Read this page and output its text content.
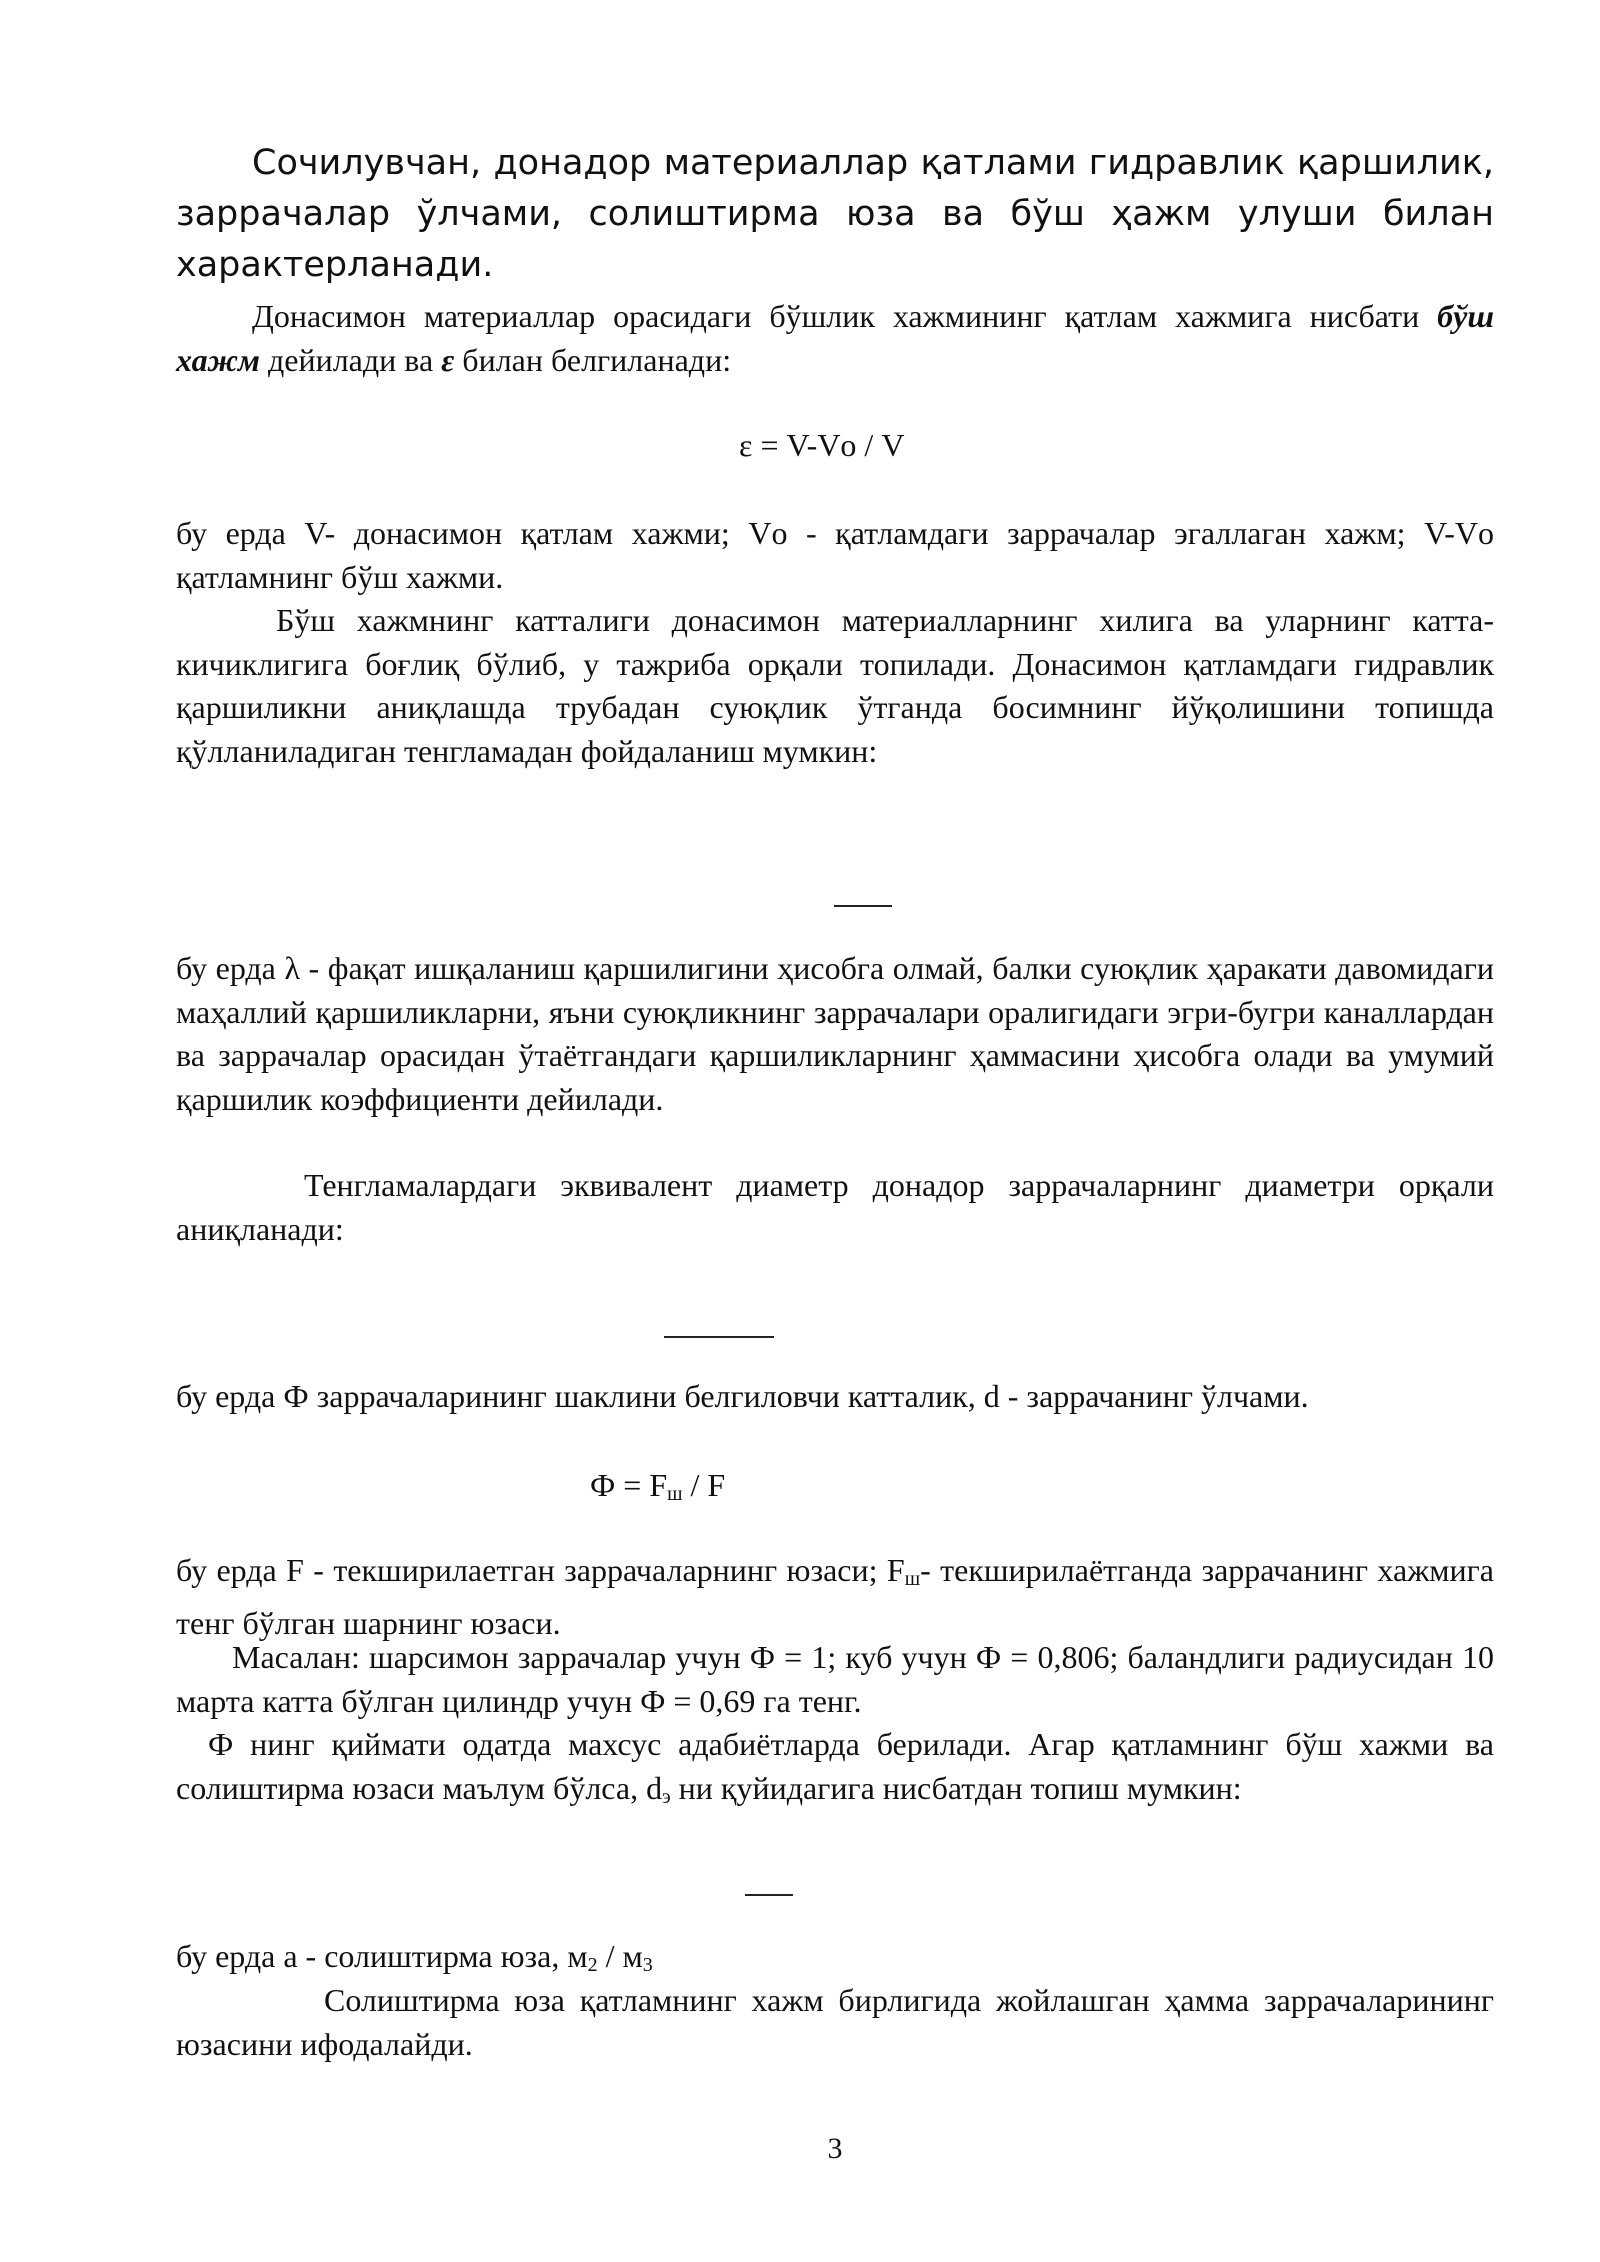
Сочилувчан, донадор материаллар қатлами гидравлик қаршилик, заррачалар ўлчами, солиштирма юза ва бўш ҳажм улуши билан характерланади.

Донасимон материаллар орасидаги бўшлик хажмининг қатлам хажмига нисбати бўш хажм дейилади ва ε билан белгиланади:

ε = V-Vо / V

бу ерда V- донасимон қатлам хажми; Vо - қатламдаги заррачалар эгаллаган хажм; V-Vо қатламнинг бўш хажми.

Бўш хажмнинг катталиги донасимон материалларнинг хилига ва уларнинг катта-кичиклигига боғлиқ бўлиб, у тажриба орқали топилади. Донасимон қатламдаги гидравлик қаршиликни аниқлашда трубадан суюқлик ўтганда босимнинг йўқолишини топишда қўлланиладиган тенгламадан фойдаланиш мумкин:

бу ерда λ - фақат ишқаланиш қаршилигини ҳисобга олмай, балки суюқлик ҳаракати давомидаги маҳаллий қаршиликларни, яъни суюқликнинг заррачалари оралигидаги эгри-бугри каналлардан ва заррачалар орасидан ўтаётгандаги қаршиликларнинг ҳаммасини ҳисобга олади ва умумий қаршилик коэффициенти дейилади.

Тенгламалардаги эквивалент диаметр донадор заррачаларнинг диаметри орқали аниқланади:

бу ерда Ф заррачаларининг шаклини белгиловчи катталик, d - заррачанинг ўлчами.

$Ф = F_ш / F$

бу ерда F - текширилаетган заррачаларнинг юзаси; $F_ш-$ текширилаётганда заррачанинг хажмига тенг бўлган шарнинг юзаси.

Масалан: шарсимон заррачалар учун Ф = 1; куб учун Ф = 0,806; баландлиги радиусидан 10 марта катта бўлган цилиндр учун Ф = 0,69 га тенг.

Ф нинг қиймати одатда махсус адабиётларда берилади. Агар қатламнинг бўш хажми ва солиштирма юзаси маълум бўлса, $d_э$ ни қуйидагига нисбатдан топиш мумкин:

бу ерда а - солиштирма юза, $м_2 / м_3$

Солиштирма юза қатламнинг хажм бирлигида жойлашган ҳамма заррачаларининг юзасини ифодалайди.

3
